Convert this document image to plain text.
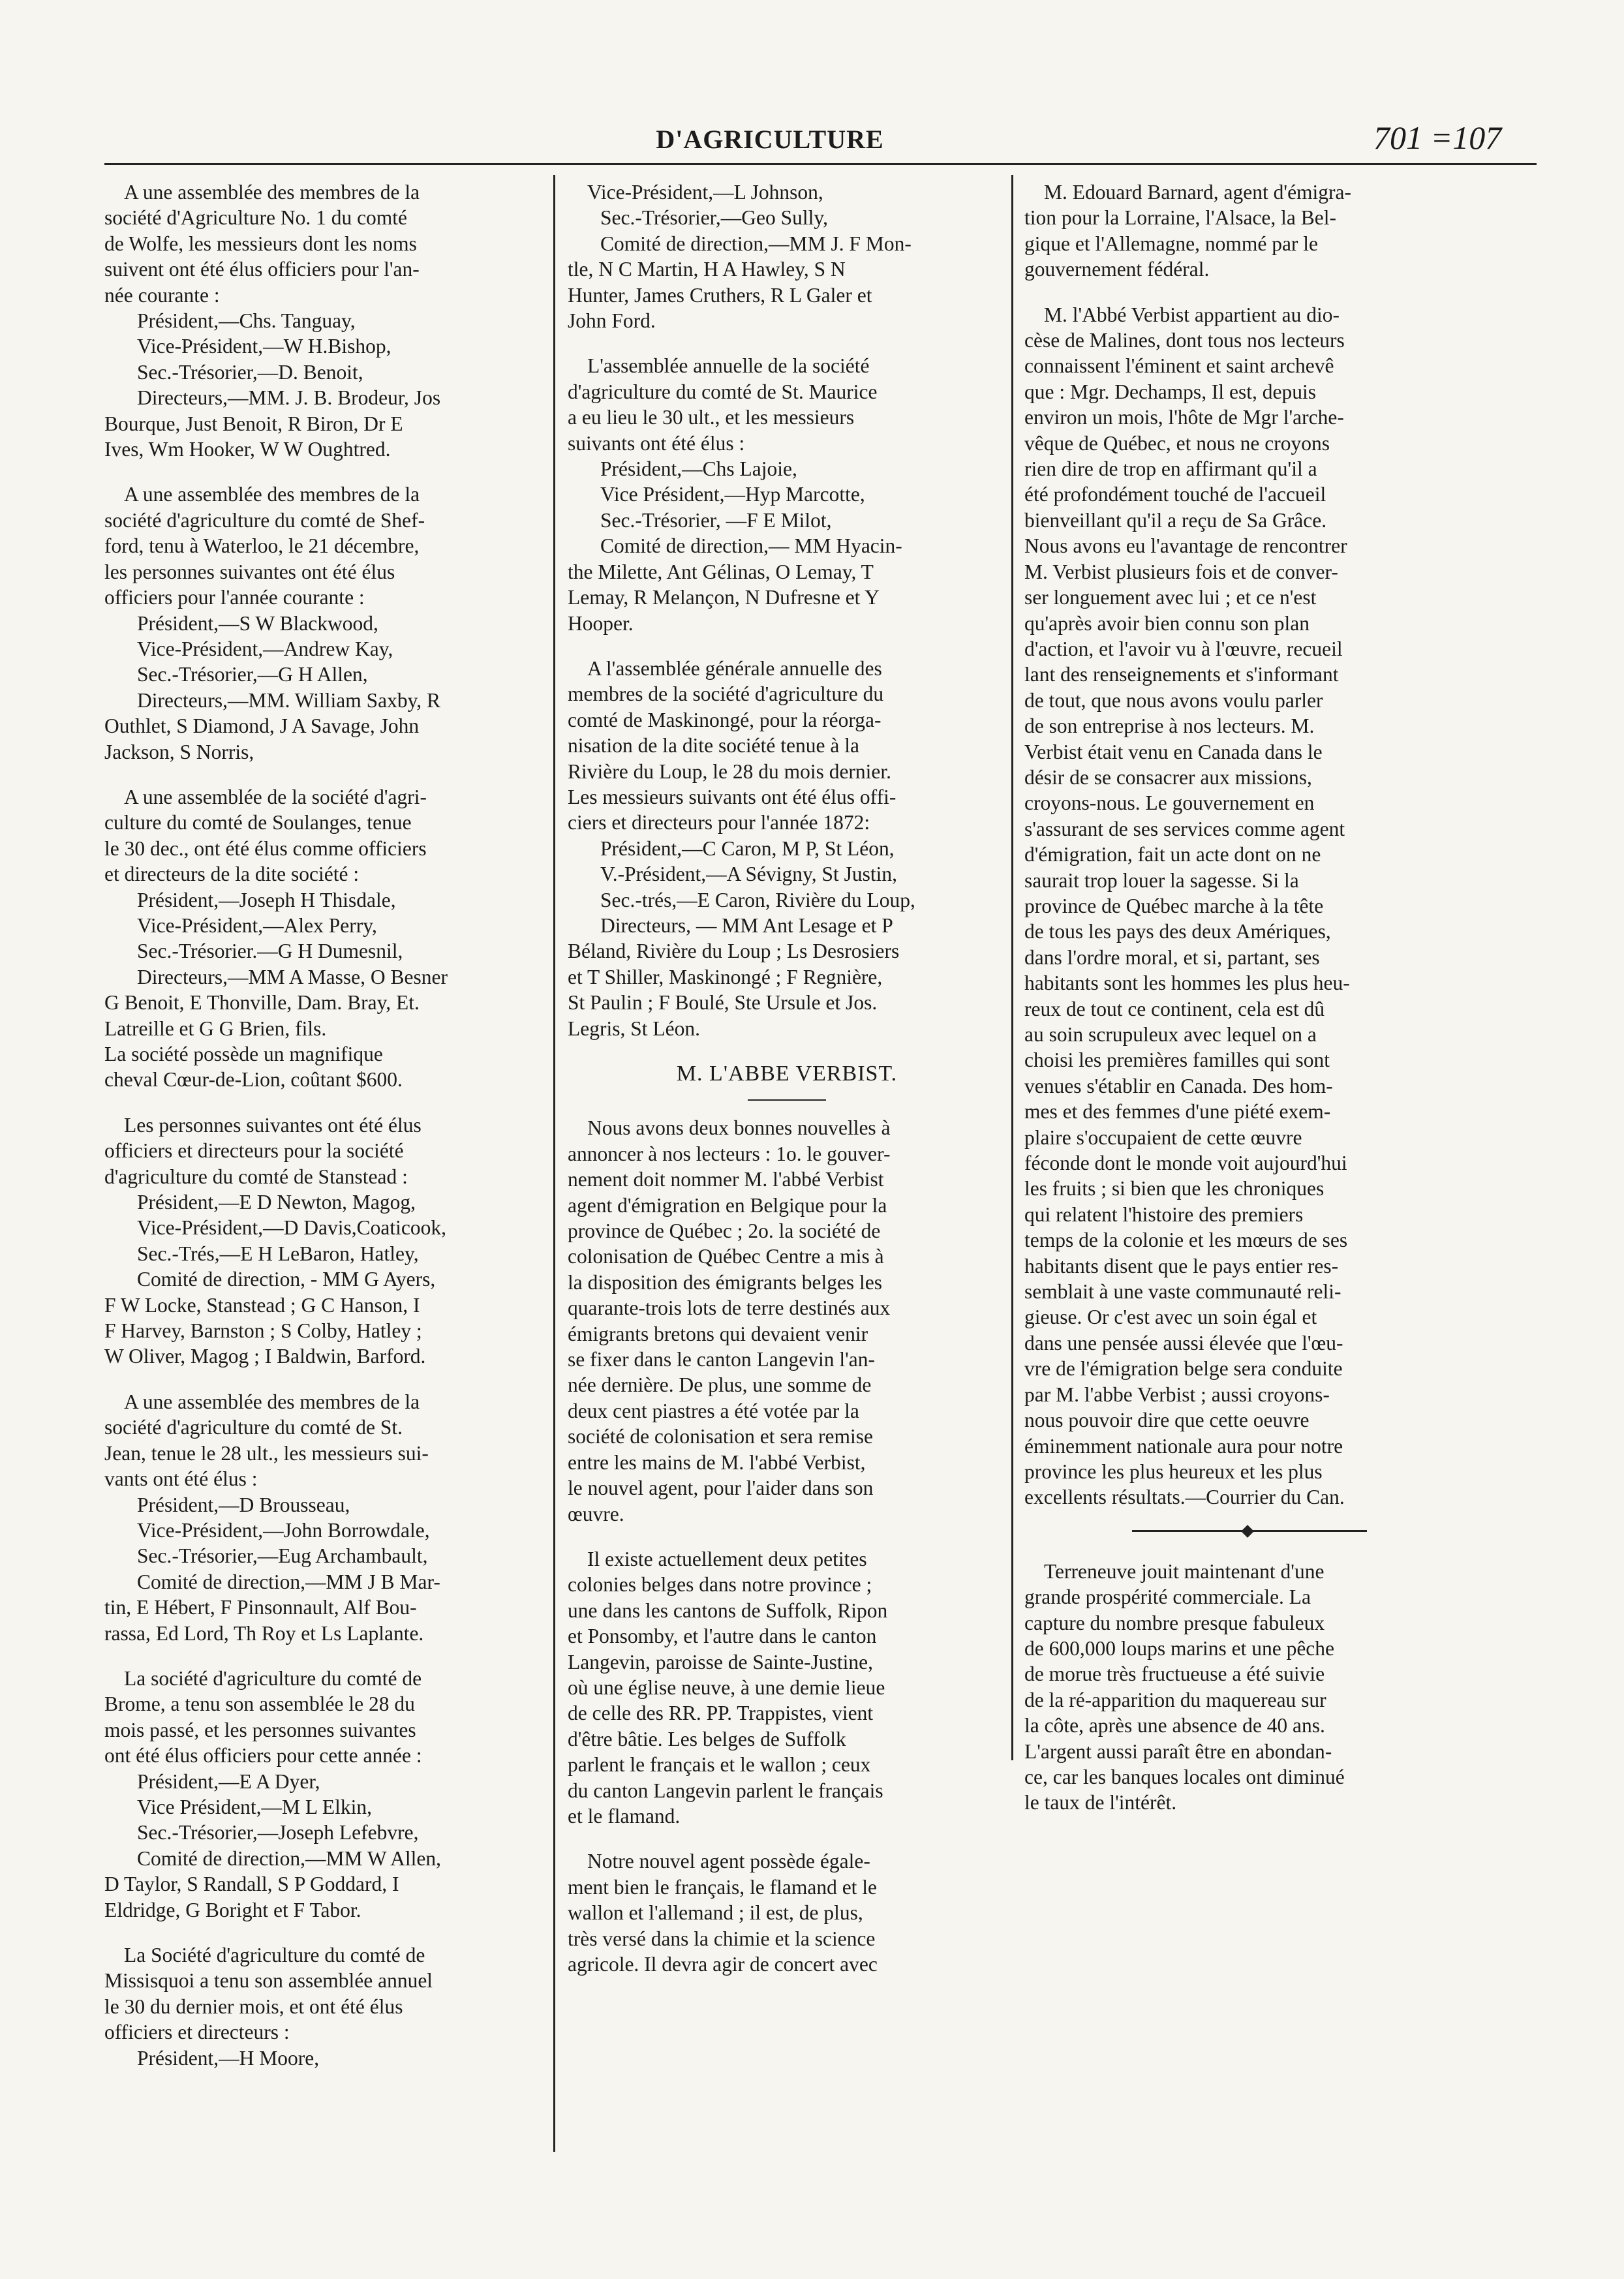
D'AGRICULTURE	701 =107

A une assemblée des membres de la
société d'Agriculture No. 1 du comté
de Wolfe, les messieurs dont les noms
suivent ont été élus officiers pour l'an-
née courante :
Président,—Chs. Tanguay,
Vice-Président,—W H.Bishop,
Sec.-Trésorier,—D. Benoit,
Directeurs,—MM. J. B. Brodeur, Jos
Bourque, Just Benoit, R Biron, Dr E
Ives, Wm Hooker, W W Oughtred.

A une assemblée des membres de la
société d'agriculture du comté de Shef-
ford, tenu à Waterloo, le 21 décembre,
les personnes suivantes ont été élus
officiers pour l'année courante :
Président,—S W Blackwood,
Vice-Président,—Andrew Kay,
Sec.-Trésorier,—G H Allen,
Directeurs,—MM. William Saxby, R
Outhlet, S Diamond, J A Savage, John
Jackson, S Norris,

A une assemblée de la société d'agri-
culture du comté de Soulanges, tenue
le 30 dec., ont été élus comme officiers
et directeurs de la dite société :
Président,—Joseph H Thisdale,
Vice-Président,—Alex Perry,
Sec.-Trésorier.—G H Dumesnil,
Directeurs,—MM A Masse, O Besner
G Benoit, E Thonville, Dam. Bray, Et.
Latreille et G G Brien, fils.
La société possède un magnifique
cheval Cœur-de-Lion, coûtant $600.

Les personnes suivantes ont été élus
officiers et directeurs pour la société
d'agriculture du comté de Stanstead :
Président,—E D Newton, Magog,
Vice-Président,—D Davis,Coaticook,
Sec.-Trés,—E H LeBaron, Hatley,
Comité de direction, - MM G Ayers,
F W Locke, Stanstead ; G C Hanson, I
F Harvey, Barnston ; S Colby, Hatley ;
W Oliver, Magog ; I Baldwin, Barford.

A une assemblée des membres de la
société d'agriculture du comté de St.
Jean, tenue le 28 ult., les messieurs sui-
vants ont été élus :
Président,—D Brousseau,
Vice-Président,—John Borrowdale,
Sec.-Trésorier,—Eug Archambault,
Comité de direction,—MM J B Mar-
tin, E Hébert, F Pinsonnault, Alf Bou-
rassa, Ed Lord, Th Roy et Ls Laplante.

La société d'agriculture du comté de
Brome, a tenu son assemblée le 28 du
mois passé, et les personnes suivantes
ont été élus officiers pour cette année :
Président,—E A Dyer,
Vice Président,—M L Elkin,
Sec.-Trésorier,—Joseph Lefebvre,
Comité de direction,—MM W Allen,
D Taylor, S Randall, S P Goddard, I
Eldridge, G Boright et F Tabor.

La Société d'agriculture du comté de
Missisquoi a tenu son assemblée annuel
le 30 du dernier mois, et ont été élus
officiers et directeurs :
Président,—H Moore,

Vice-Président,—L Johnson,
Sec.-Trésorier,—Geo Sully,
Comité de direction,—MM J. F Mon-
tle, N C Martin, H A Hawley, S N
Hunter, James Cruthers, R L Galer et
John Ford.

L'assemblée annuelle de la société
d'agriculture du comté de St. Maurice
a eu lieu le 30 ult., et les messieurs
suivants ont été élus :
Président,—Chs Lajoie,
Vice Président,—Hyp Marcotte,
Sec.-Trésorier, —F E Milot,
Comité de direction,— MM Hyacin-
the Milette, Ant Gélinas, O Lemay, T
Lemay, R Melançon, N Dufresne et Y
Hooper.

A l'assemblée générale annuelle des
membres de la société d'agriculture du
comté de Maskinongé, pour la réorga-
nisation de la dite société tenue à la
Rivière du Loup, le 28 du mois dernier.
Les messieurs suivants ont été élus offi-
ciers et directeurs pour l'année 1872:
Président,—C Caron, M P, St Léon,
V.-Président,—A Sévigny, St Justin,
Sec.-trés,—E Caron, Rivière du Loup,
Directeurs, — MM Ant Lesage et P
Béland, Rivière du Loup ; Ls Desrosiers
et T Shiller, Maskinongé ; F Regnière,
St Paulin ; F Boulé, Ste Ursule et Jos.
Legris, St Léon.

M. L'ABBE VERBIST.

Nous avons deux bonnes nouvelles à
annoncer à nos lecteurs : 1o. le gouver-
nement doit nommer M. l'abbé Verbist
agent d'émigration en Belgique pour la
province de Québec ; 2o. la société de
colonisation de Québec Centre a mis à
la disposition des émigrants belges les
quarante-trois lots de terre destinés aux
émigrants bretons qui devaient venir
se fixer dans le canton Langevin l'an-
née dernière. De plus, une somme de
deux cent piastres a été votée par la
société de colonisation et sera remise
entre les mains de M. l'abbé Verbist,
le nouvel agent, pour l'aider dans son
œuvre.

Il existe actuellement deux petites
colonies belges dans notre province ;
une dans les cantons de Suffolk, Ripon
et Ponsomby, et l'autre dans le canton
Langevin, paroisse de Sainte-Justine,
où une église neuve, à une demie lieue
de celle des RR. PP. Trappistes, vient
d'être bâtie. Les belges de Suffolk
parlent le français et le wallon ; ceux
du canton Langevin parlent le français
et le flamand.

Notre nouvel agent possède égale-
ment bien le français, le flamand et le
wallon et l'allemand ; il est, de plus,
très versé dans la chimie et la science
agricole. Il devra agir de concert avec

M. Edouard Barnard, agent d'émigra-
tion pour la Lorraine, l'Alsace, la Bel-
gique et l'Allemagne, nommé par le
gouvernement fédéral.

M. l'Abbé Verbist appartient au dio-
cèse de Malines, dont tous nos lecteurs
connaissent l'éminent et saint archevê
que : Mgr. Dechamps, Il est, depuis
environ un mois, l'hôte de Mgr l'arche-
vêque de Québec, et nous ne croyons
rien dire de trop en affirmant qu'il a
été profondément touché de l'accueil
bienveillant qu'il a reçu de Sa Grâce.
Nous avons eu l'avantage de rencontrer
M. Verbist plusieurs fois et de conver-
ser longuement avec lui ; et ce n'est
qu'après avoir bien connu son plan
d'action, et l'avoir vu à l'œuvre, recueil
lant des renseignements et s'informant
de tout, que nous avons voulu parler
de son entreprise à nos lecteurs. M.
Verbist était venu en Canada dans le
désir de se consacrer aux missions,
croyons-nous. Le gouvernement en
s'assurant de ses services comme agent
d'émigration, fait un acte dont on ne
saurait trop louer la sagesse. Si la
province de Québec marche à la tête
de tous les pays des deux Amériques,
dans l'ordre moral, et si, partant, ses
habitants sont les hommes les plus heu-
reux de tout ce continent, cela est dû
au soin scrupuleux avec lequel on a
choisi les premières familles qui sont
venues s'établir en Canada. Des hom-
mes et des femmes d'une piété exem-
plaire s'occupaient de cette œuvre
féconde dont le monde voit aujourd'hui
les fruits ; si bien que les chroniques
qui relatent l'histoire des premiers
temps de la colonie et les mœurs de ses
habitants disent que le pays entier res-
semblait à une vaste communauté reli-
gieuse. Or c'est avec un soin égal et
dans une pensée aussi élevée que l'œu-
vre de l'émigration belge sera conduite
par M. l'abbe Verbist ; aussi croyons-
nous pouvoir dire que cette oeuvre
éminemment nationale aura pour notre
province les plus heureux et les plus
excellents résultats.—Courrier du Can.

Terreneuve jouit maintenant d'une
grande prospérité commerciale. La
capture du nombre presque fabuleux
de 600,000 loups marins et une pêche
de morue très fructueuse a été suivie
de la ré-apparition du maquereau sur
la côte, après une absence de 40 ans.
L'argent aussi paraît être en abondan-
ce, car les banques locales ont diminué
le taux de l'intérêt.
